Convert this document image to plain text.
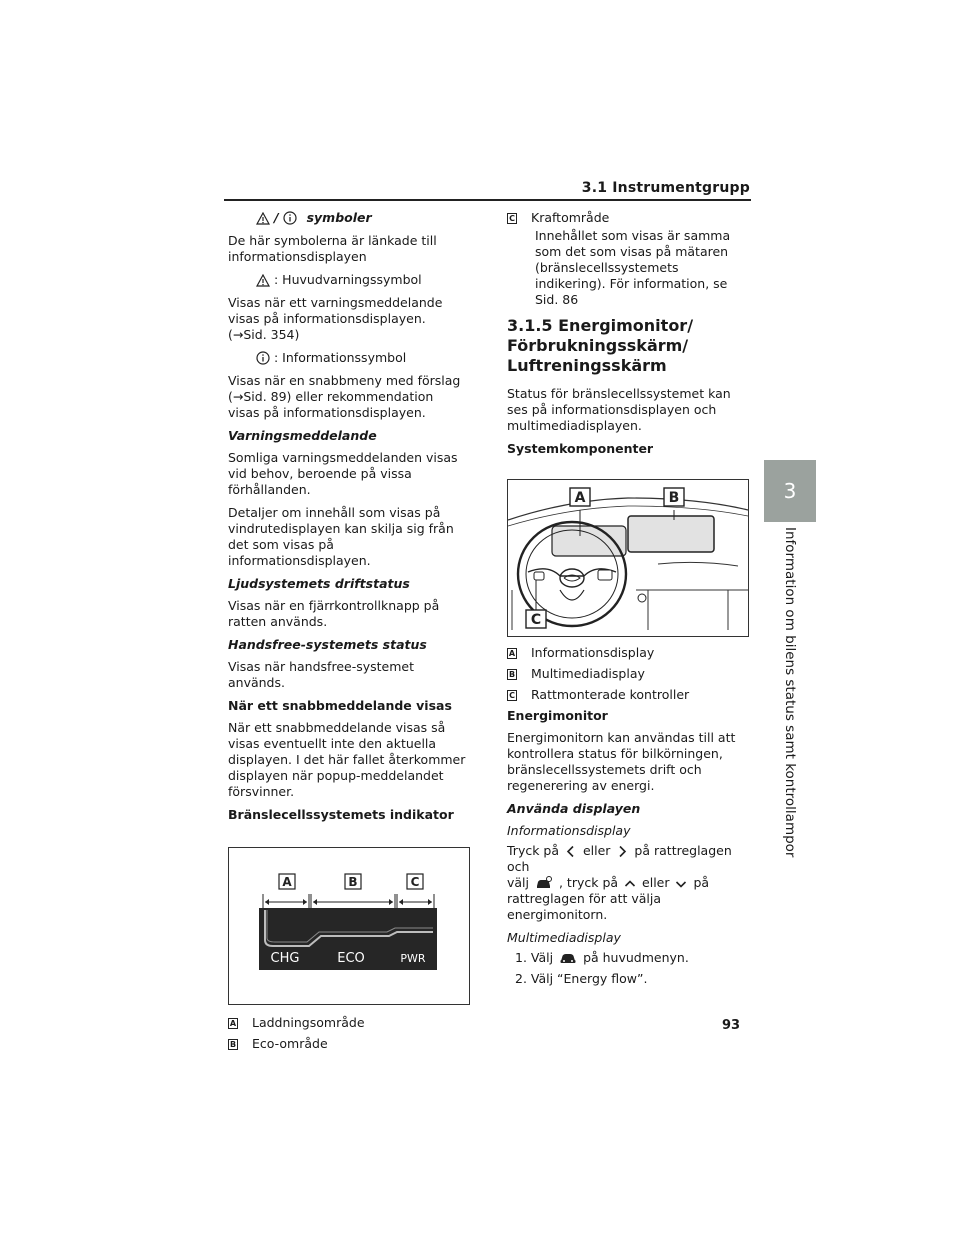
3.1 Instrumentgrupp
3
Information om bilens status samt kontrollampor
93
/ symboler

De här symbolerna är länkade till informationsdisplayen

: Huvudvarningssymbol

Visas när ett varningsmeddelande visas på informationsdisplayen. (→Sid. 354)

: Informationssymbol

Visas när en snabbmeny med förslag (→Sid. 89) eller rekommendation visas på informationsdisplayen.

Varningsmeddelande

Somliga varningsmeddelanden visas vid behov, beroende på vissa förhållanden.

Detaljer om innehåll som visas på vindrutedisplayen kan skilja sig från det som visas på informationsdisplayen.

Ljudsystemets driftstatus

Visas när en fjärrkontrollknapp på ratten används.

Handsfree-systemets status

Visas när handsfree-systemet används.

När ett snabbmeddelande visas

När ett snabbmeddelande visas så visas eventuellt inte den aktuella displayen. I det här fallet återkommer displayen när popup-meddelandet försvinner.

Bränslecellssystemets indikator
A	B	C
CHG	ECO	PWR
A Laddningsområde
B Eco-område
C Kraftområde

Innehållet som visas är samma som det som visas på mätaren (bränslecellssystemets indikering). För information, se Sid. 86

3.1.5 Energimonitor/ Förbrukningsskärm/ Luftreningsskärm

Status för bränslecellssystemet kan ses på informationsdisplayen och multimediadisplayen.

Systemkomponenter
A	B
C
A Informationsdisplay
B Multimediadisplay
C Rattmonterade kontroller
Energimonitor

Energimonitorn kan användas till att kontrollera status för bilkörningen, bränslecellssystemets drift och regenerering av energi.

Använda displayen
Informationsdisplay

Tryck på eller på rattreglagen och
välj , tryck på eller på
rattreglagen för att välja energimonitorn.

Multimediadisplay
1. Välj på huvudmenyn.
2. Välj “Energy flow”.
